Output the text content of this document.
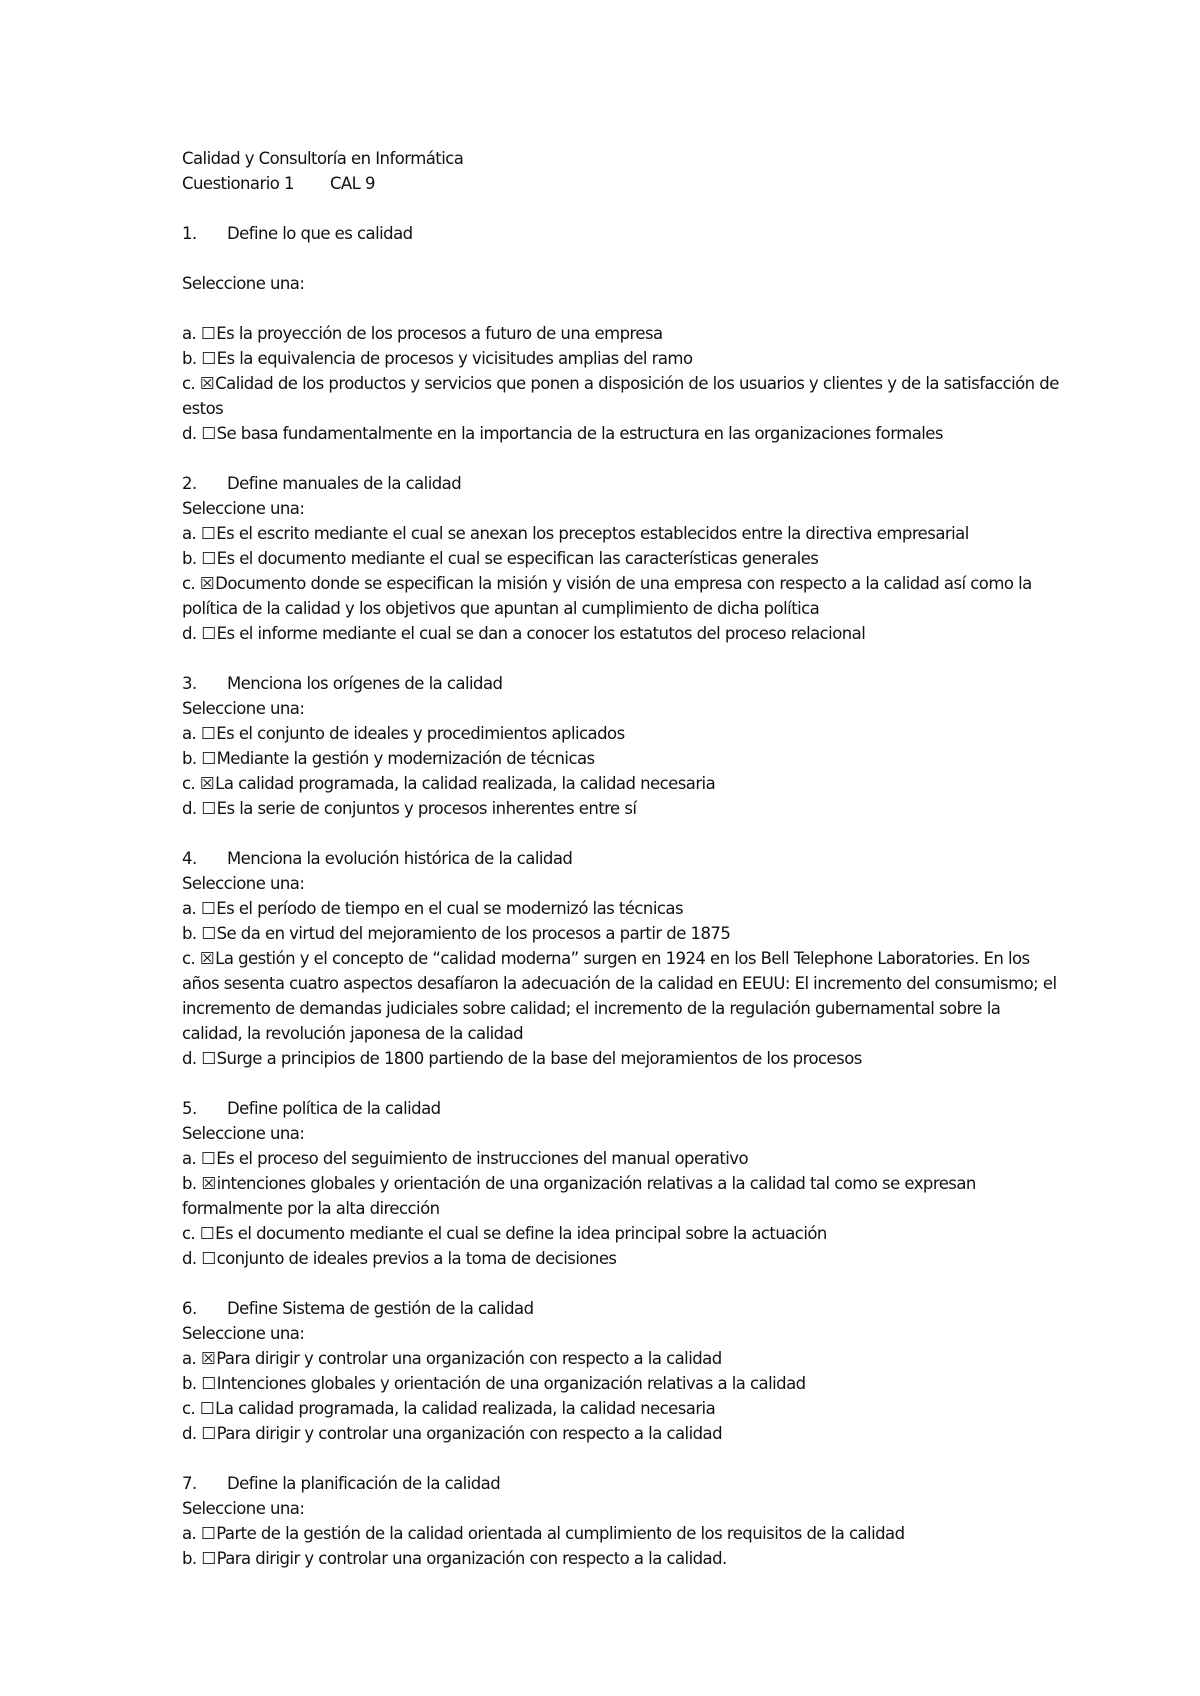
Calidad y Consultoría en Informática
Cuestionario 1 CAL 9
1. Define lo que es calidad
Seleccione una:
a. ☐Es la proyección de los procesos a futuro de una empresa
b. ☐Es la equivalencia de procesos y vicisitudes amplias del ramo
c. ☒Calidad de los productos y servicios que ponen a disposición de los usuarios y clientes y de la satisfacción de estos
d. ☐Se basa fundamentalmente en la importancia de la estructura en las organizaciones formales
2. Define manuales de la calidad
Seleccione una:
a. ☐Es el escrito mediante el cual se anexan los preceptos establecidos entre la directiva empresarial
b. ☐Es el documento mediante el cual se especifican las características generales
c. ☒Documento donde se especifican la misión y visión de una empresa con respecto a la calidad así como la política de la calidad y los objetivos que apuntan al cumplimiento de dicha política
d. ☐Es el informe mediante el cual se dan a conocer los estatutos del proceso relacional
3. Menciona los orígenes de la calidad
Seleccione una:
a. ☐Es el conjunto de ideales y procedimientos aplicados
b. ☐Mediante la gestión y modernización de técnicas
c. ☒La calidad programada, la calidad realizada, la calidad necesaria
d. ☐Es la serie de conjuntos y procesos inherentes entre sí
4. Menciona la evolución histórica de la calidad
Seleccione una:
a. ☐Es el período de tiempo en el cual se modernizó las técnicas
b. ☐Se da en virtud del mejoramiento de los procesos a partir de 1875
c. ☒La gestión y el concepto de “calidad moderna” surgen en 1924 en los Bell Telephone Laboratories. En los años sesenta cuatro aspectos desafíaron la adecuación de la calidad en EEUU: El incremento del consumismo; el incremento de demandas judiciales sobre calidad; el incremento de la regulación gubernamental sobre la calidad, la revolución japonesa de la calidad
d. ☐Surge a principios de 1800 partiendo de la base del mejoramientos de los procesos
5. Define política de la calidad
Seleccione una:
a. ☐Es el proceso del seguimiento de instrucciones del manual operativo
b. ☒intenciones globales y orientación de una organización relativas a la calidad tal como se expresan formalmente por la alta dirección
c. ☐Es el documento mediante el cual se define la idea principal sobre la actuación
d. ☐conjunto de ideales previos a la toma de decisiones
6. Define Sistema de gestión de la calidad
Seleccione una:
a. ☒Para dirigir y controlar una organización con respecto a la calidad
b. ☐Intenciones globales y orientación de una organización relativas a la calidad
c. ☐La calidad programada, la calidad realizada, la calidad necesaria
d. ☐Para dirigir y controlar una organización con respecto a la calidad
7. Define la planificación de la calidad
Seleccione una:
a. ☐Parte de la gestión de la calidad orientada al cumplimiento de los requisitos de la calidad
b. ☐Para dirigir y controlar una organización con respecto a la calidad.
